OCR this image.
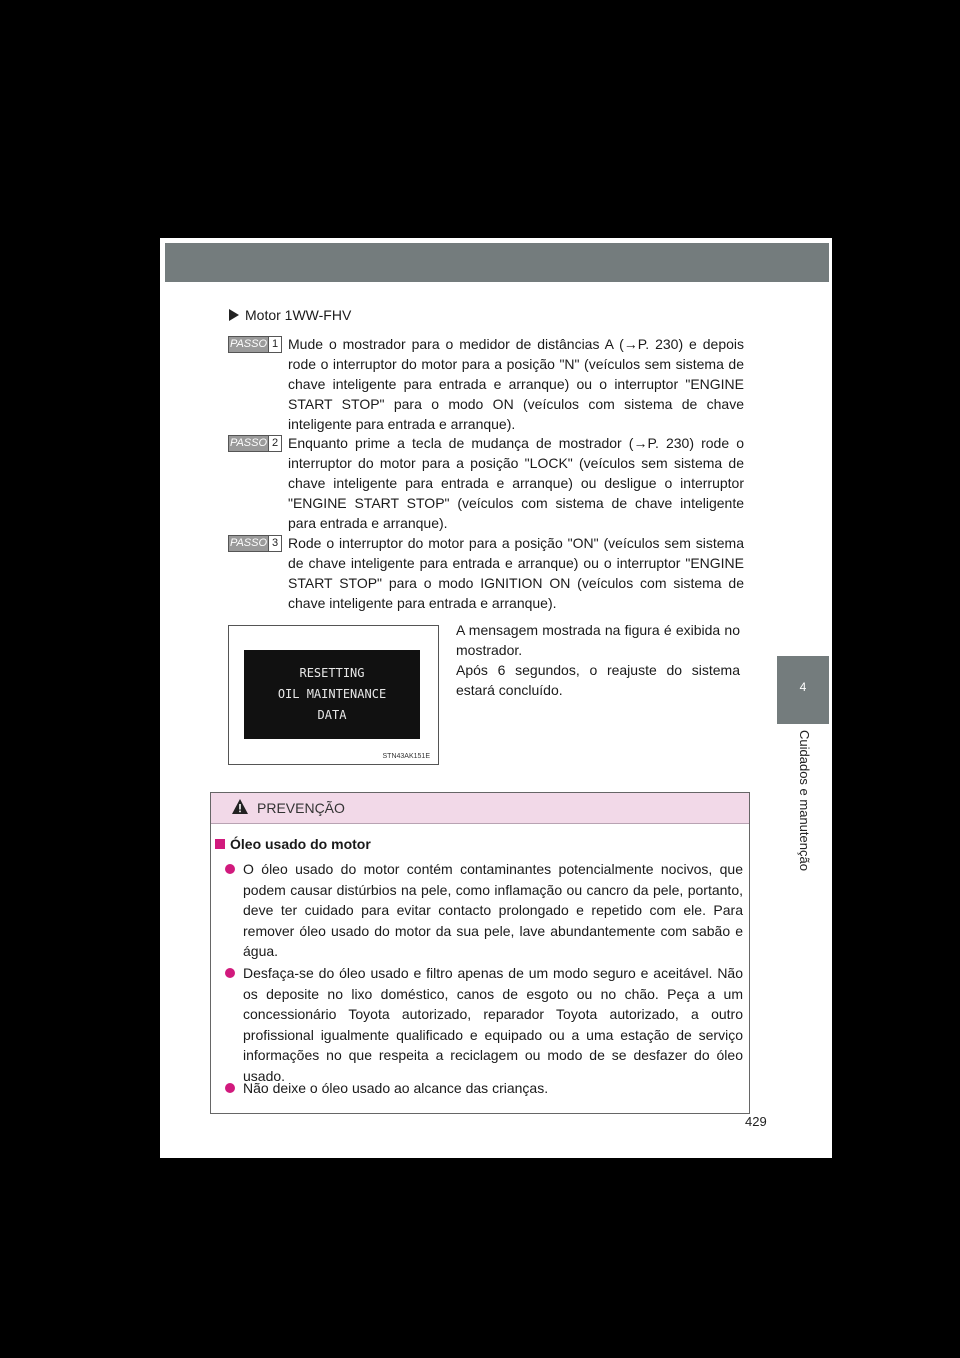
4
Cuidados e manutenção
Motor 1WW-FHV
PASSO 1 Mude o mostrador para o medidor de distâncias A (→P. 230) e depois rode o interruptor do motor para a posição "N" (veículos sem sistema de chave inteligente para entrada e arranque) ou o interruptor "ENGINE START STOP" para o modo ON (veículos com sistema de chave inteligente para entrada e arranque).
PASSO 2 Enquanto prime a tecla de mudança de mostrador (→P. 230) rode o interruptor do motor para a posição "LOCK" (veículos sem sistema de chave inteligente para entrada e arranque) ou desligue o interruptor "ENGINE START STOP" (veículos com sistema de chave inteligente para entrada e arranque).
PASSO 3 Rode o interruptor do motor para a posição "ON" (veículos sem sistema de chave inteligente para entrada e arranque) ou o interruptor "ENGINE START STOP" para o modo IGNITION ON (veículos com sistema de chave inteligente para entrada e arranque).
RESETTING
OIL MAINTENANCE
DATA
STN43AK151E

A mensagem mostrada na figura é exibida no mostrador.

Após 6 segundos, o reajuste do sistema estará concluído.

PREVENÇÃO
Óleo usado do motor
O óleo usado do motor contém contaminantes potencialmente nocivos, que podem causar distúrbios na pele, como inflamação ou cancro da pele, portanto, deve ter cuidado para evitar contacto prolongado e repetido com ele. Para remover óleo usado do motor da sua pele, lave abundantemente com sabão e água.
Desfaça-se do óleo usado e filtro apenas de um modo seguro e aceitável. Não os deposite no lixo doméstico, canos de esgoto ou no chão. Peça a um concessionário Toyota autorizado, reparador Toyota autorizado, a outro profissional igualmente qualificado e equipado ou a uma estação de serviço informações no que respeita a reciclagem ou modo de se desfazer do óleo usado.
Não deixe o óleo usado ao alcance das crianças.
429
